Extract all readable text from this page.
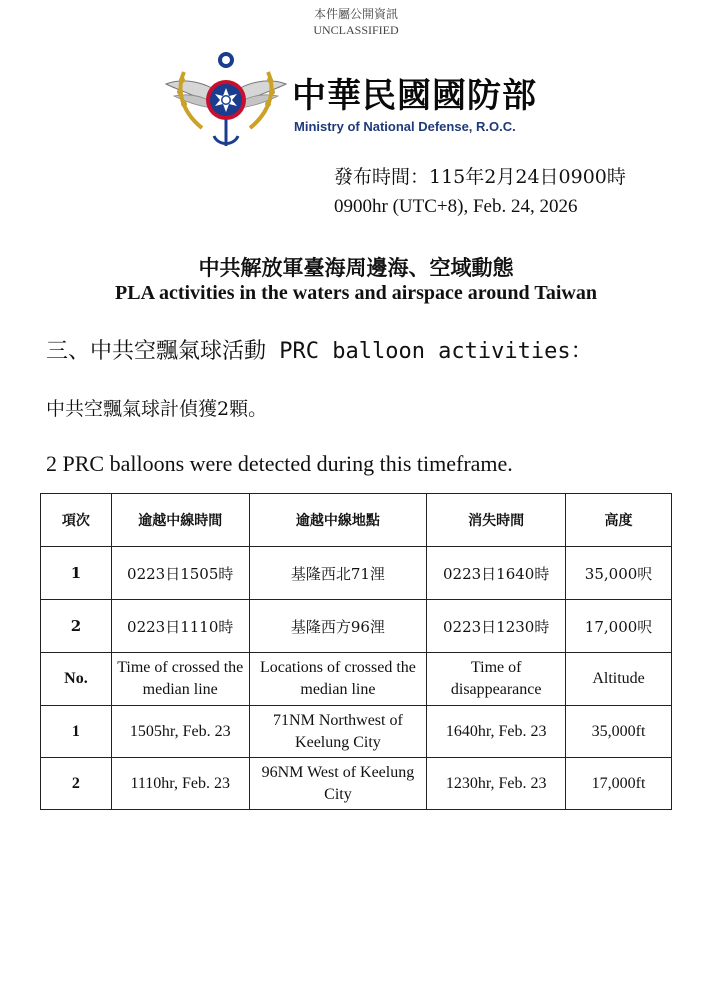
本件屬公開資訊
UNCLASSIFIED
中華民國國防部
Ministry of National Defense, R.O.C.
發布時間：115年2月24日0900時
0900hr (UTC+8), Feb. 24, 2026
中共解放軍臺海周邊海、空域動態
PLA activities in the waters and airspace around Taiwan
三、中共空飄氣球活動 PRC balloon activities：
中共空飄氣球計偵獲2顆。
2 PRC balloons were detected during this timeframe.
項次	逾越中線時間	逾越中線地點	消失時間	高度
1	0223日1505時	基隆西北71浬	0223日1640時	35,000呎
2	0223日1110時	基隆西方96浬	0223日1230時	17,000呎
No.	Time of crossed the median line	Locations of crossed the median line	Time of disappearance	Altitude
1	1505hr, Feb. 23	71NM Northwest of Keelung City	1640hr, Feb. 23	35,000ft
2	1110hr, Feb. 23	96NM West of Keelung City	1230hr, Feb. 23	17,000ft
